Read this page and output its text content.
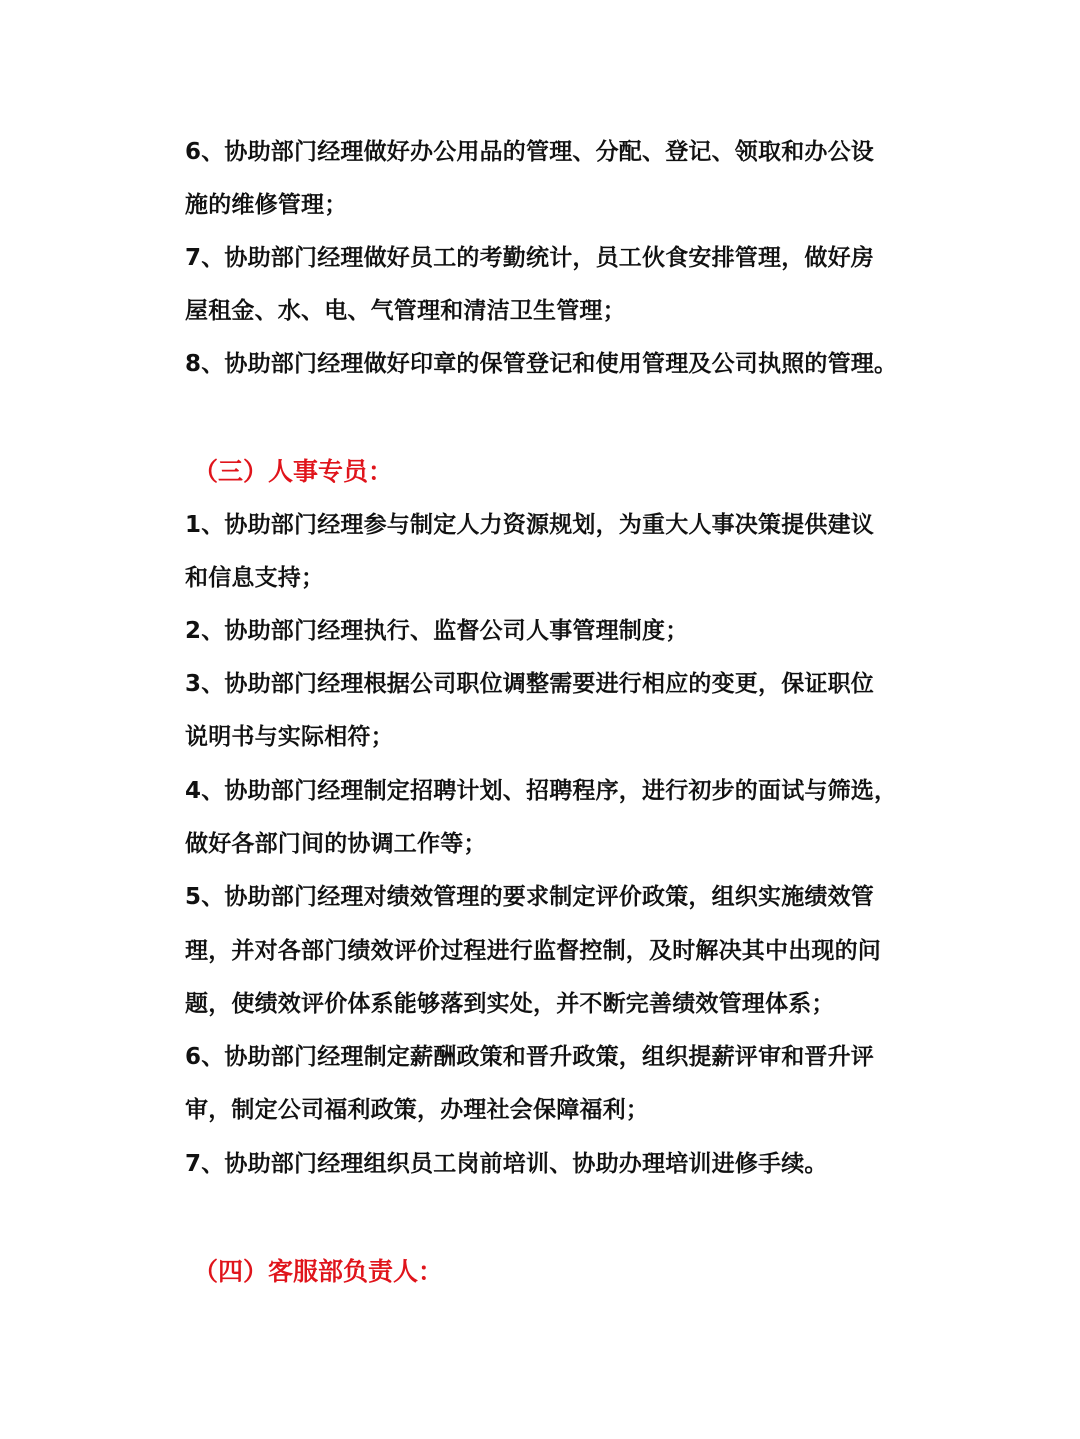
6、协助部门经理做好办公用品的管理、分配、登记、领取和办公设
施的维修管理；
7、协助部门经理做好员工的考勤统计，员工伙食安排管理，做好房
屋租金、水、电、气管理和清洁卫生管理；
8、协助部门经理做好印章的保管登记和使用管理及公司执照的管理。
（三）人事专员：
1、协助部门经理参与制定人力资源规划，为重大人事决策提供建议
和信息支持；
2、协助部门经理执行、监督公司人事管理制度；
3、协助部门经理根据公司职位调整需要进行相应的变更，保证职位
说明书与实际相符；
4、协助部门经理制定招聘计划、招聘程序，进行初步的面试与筛选，
做好各部门间的协调工作等；
5、协助部门经理对绩效管理的要求制定评价政策，组织实施绩效管
理，并对各部门绩效评价过程进行监督控制，及时解决其中出现的问
题，使绩效评价体系能够落到实处，并不断完善绩效管理体系；
6、协助部门经理制定薪酬政策和晋升政策，组织提薪评审和晋升评
审，制定公司福利政策，办理社会保障福利；
7、协助部门经理组织员工岗前培训、协助办理培训进修手续。
（四）客服部负责人：
